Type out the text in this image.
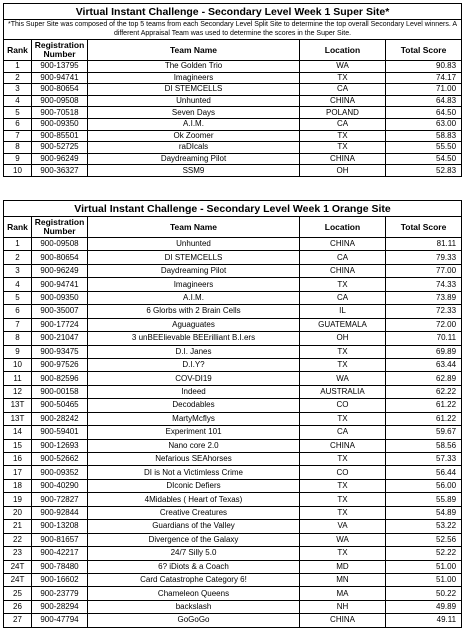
Virtual Instant Challenge - Secondary Level Week 1 Super Site*				
*This Super Site was composed of the top 5 teams from each Secondary Level Split Site to determine the top overall Secondary Level winners. A different Appraisal Team was used to determine the scores in the Super Site.				
Rank	Registration Number	Team Name	Location	Total Score
1	900-13795	The Golden Trio	WA	90.83
2	900-94741	Imagineers	TX	74.17
3	900-80654	DI STEMCELLS	CA	71.00
4	900-09508	Unhunted	CHINA	64.83
5	900-70518	Seven Days	POLAND	64.50
6	900-09350	A.I.M.	CA	63.00
7	900-85501	Ok Zoomer	TX	58.83
8	900-52725	raDIcals	TX	55.50
9	900-96249	Daydreaming Pilot	CHINA	54.50
10	900-36327	SSM9	OH	52.83
Virtual Instant Challenge - Secondary Level Week 1 Orange Site				
Rank	Registration Number	Team Name	Location	Total Score
1	900-09508	Unhunted	CHINA	81.11
2	900-80654	DI STEMCELLS	CA	79.33
3	900-96249	Daydreaming Pilot	CHINA	77.00
4	900-94741	Imagineers	TX	74.33
5	900-09350	A.I.M.	CA	73.89
6	900-35007	6 Glorbs with 2 Brain Cells	IL	72.33
7	900-17724	Aguaguates	GUATEMALA	72.00
8	900-21047	3 unBEElievable BEErilliant B.I.ers	OH	70.11
9	900-93475	D.I. Janes	TX	69.89
10	900-97526	D.I.Y?	TX	63.44
11	900-82596	COV-DI19	WA	62.89
12	900-00158	Indeed	AUSTRALIA	62.22
13T	900-50465	Decodables	CO	61.22
13T	900-28242	MartyMcflys	TX	61.22
14	900-59401	Experiment 101	CA	59.67
15	900-12693	Nano core 2.0	CHINA	58.56
16	900-52662	Nefarious SEAhorses	TX	57.33
17	900-09352	DI is Not a Victimless Crime	CO	56.44
18	900-40290	DIconic Defiers	TX	56.00
19	900-72827	4Midables ( Heart of Texas)	TX	55.89
20	900-92844	Creative Creatures	TX	54.89
21	900-13208	Guardians of the Valley	VA	53.22
22	900-81657	Divergence of the Galaxy	WA	52.56
23	900-42217	24/7 Silly 5.0	TX	52.22
24T	900-78480	6? iDiots & a Coach	MD	51.00
24T	900-16602	Card Catastrophe Category 6!	MN	51.00
25	900-23779	Chameleon Queens	MA	50.22
26	900-28294	backslash	NH	49.89
27	900-47794	GoGoGo	CHINA	49.11
